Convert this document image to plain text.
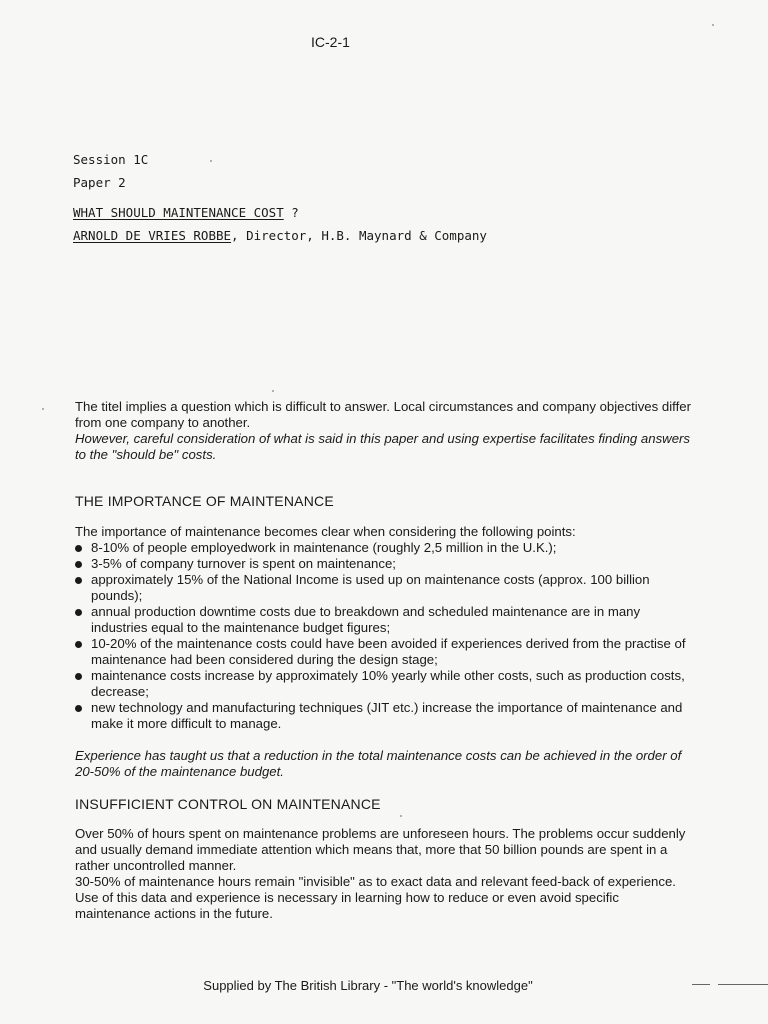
IC-2-1
Session 1C
Paper 2
WHAT SHOULD MAINTENANCE COST ?
ARNOLD DE VRIES ROBBE, Director, H.B. Maynard & Company

The titel implies a question which is difficult to answer. Local circumstances and company objectives differ from one company to another.

However, careful consideration of what is said in this paper and using expertise facilitates finding answers to the "should be" costs.

THE IMPORTANCE OF MAINTENANCE

The importance of maintenance becomes clear when considering the following points:

8-10% of people employedwork in maintenance (roughly 2,5 million in the U.K.);
3-5% of company turnover is spent on maintenance;
approximately 15% of the National Income is used up on maintenance costs (approx. 100 billion pounds);
annual production downtime costs due to breakdown and scheduled maintenance are in many industries equal to the maintenance budget figures;
10-20% of the maintenance costs could have been avoided if experiences derived from the practise of maintenance had been considered during the design stage;
maintenance costs increase by approximately 10% yearly while other costs, such as production costs, decrease;
new technology and manufacturing techniques (JIT etc.) increase the importance of maintenance and make it more difficult to manage.
Experience has taught us that a reduction in the total maintenance costs can be achieved in the order of 20-50% of the maintenance budget.
INSUFFICIENT CONTROL ON MAINTENANCE

Over 50% of hours spent on maintenance problems are unforeseen hours. The problems occur suddenly and usually demand immediate attention which means that, more that 50 billion pounds are spent in a rather uncontrolled manner.

30-50% of maintenance hours remain "invisible" as to exact data and relevant feed-back of experience. Use of this data and experience is necessary in learning how to reduce or even avoid specific maintenance actions in the future.

Supplied by The British Library - "The world's knowledge"
